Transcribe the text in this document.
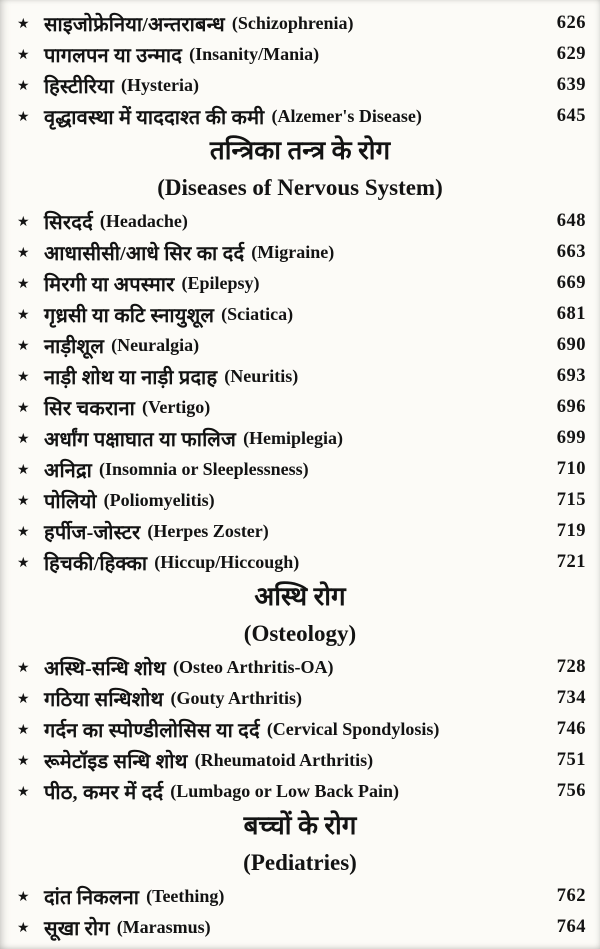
★ साइजोफ्रेनिया/अन्तराबन्ध (Schizophrenia)	626
★ पागलपन या उन्माद (Insanity/Mania)	629
★ हिस्टीरिया (Hysteria)	639
★ वृद्धावस्था में याददाश्त की कमी (Alzemer's Disease)	645
तन्त्रिका तन्त्र के रोग
(Diseases of Nervous System)
★ सिरदर्द (Headache)	648
★ आधासीसी/आधे सिर का दर्द (Migraine)	663
★ मिरगी या अपस्मार (Epilepsy)	669
★ गृध्रसी या कटि स्नायुशूल (Sciatica)	681
★ नाड़ीशूल (Neuralgia)	690
★ नाड़ी शोथ या नाड़ी प्रदाह (Neuritis)	693
★ सिर चकराना (Vertigo)	696
★ अर्धांग पक्षाघात या फालिज (Hemiplegia)	699
★ अनिद्रा (Insomnia or Sleeplessness)	710
★ पोलियो (Poliomyelitis)	715
★ हर्पीज-जोस्टर (Herpes Zoster)	719
★ हिचकी/हिक्का (Hiccup/Hiccough)	721
अस्थि रोग
(Osteology)
★ अस्थि-सन्धि शोथ (Osteo Arthritis-OA)	728
★ गठिया सन्धिशोथ (Gouty Arthritis)	734
★ गर्दन का स्पोण्डीलोसिस या दर्द (Cervical Spondylosis)	746
★ रूमेटॉइड सन्धि शोथ (Rheumatoid Arthritis)	751
★ पीठ, कमर में दर्द (Lumbago or Low Back Pain)	756
बच्चों के रोग
(Pediatries)
★ दांत निकलना (Teething)	762
★ सूखा रोग (Marasmus)	764
